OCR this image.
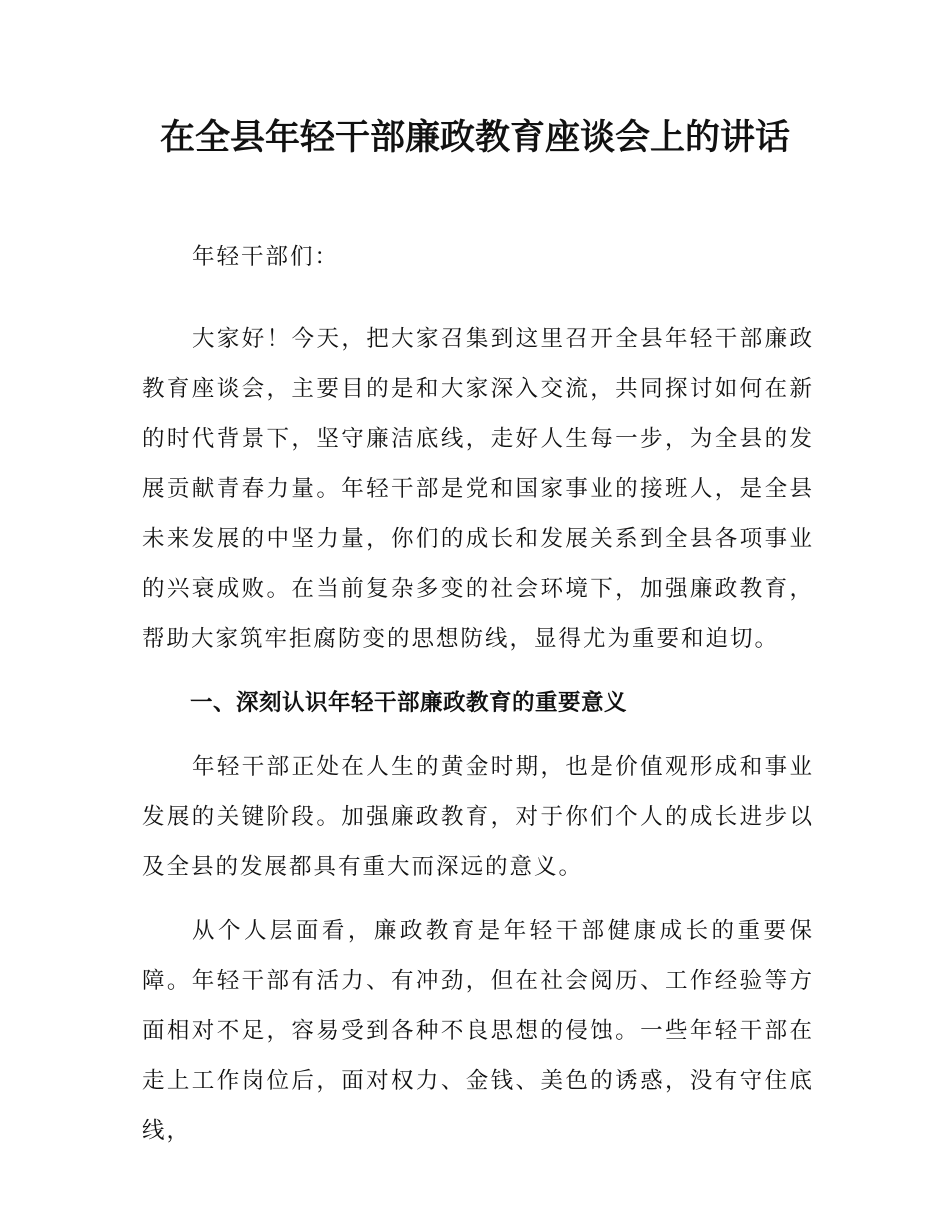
在全县年轻干部廉政教育座谈会上的讲话

年轻干部们：

大家好！今天，把大家召集到这里召开全县年轻干部廉政教育座谈会，主要目的是和大家深入交流，共同探讨如何在新的时代背景下，坚守廉洁底线，走好人生每一步，为全县的发展贡献青春力量。年轻干部是党和国家事业的接班人，是全县未来发展的中坚力量，你们的成长和发展关系到全县各项事业的兴衰成败。在当前复杂多变的社会环境下，加强廉政教育，帮助大家筑牢拒腐防变的思想防线，显得尤为重要和迫切。

一、深刻认识年轻干部廉政教育的重要意义

年轻干部正处在人生的黄金时期，也是价值观形成和事业发展的关键阶段。加强廉政教育，对于你们个人的成长进步以及全县的发展都具有重大而深远的意义。

从个人层面看，廉政教育是年轻干部健康成长的重要保障。年轻干部有活力、有冲劲，但在社会阅历、工作经验等方面相对不足，容易受到各种不良思想的侵蚀。一些年轻干部在走上工作岗位后，面对权力、金钱、美色的诱惑，没有守住底线，
